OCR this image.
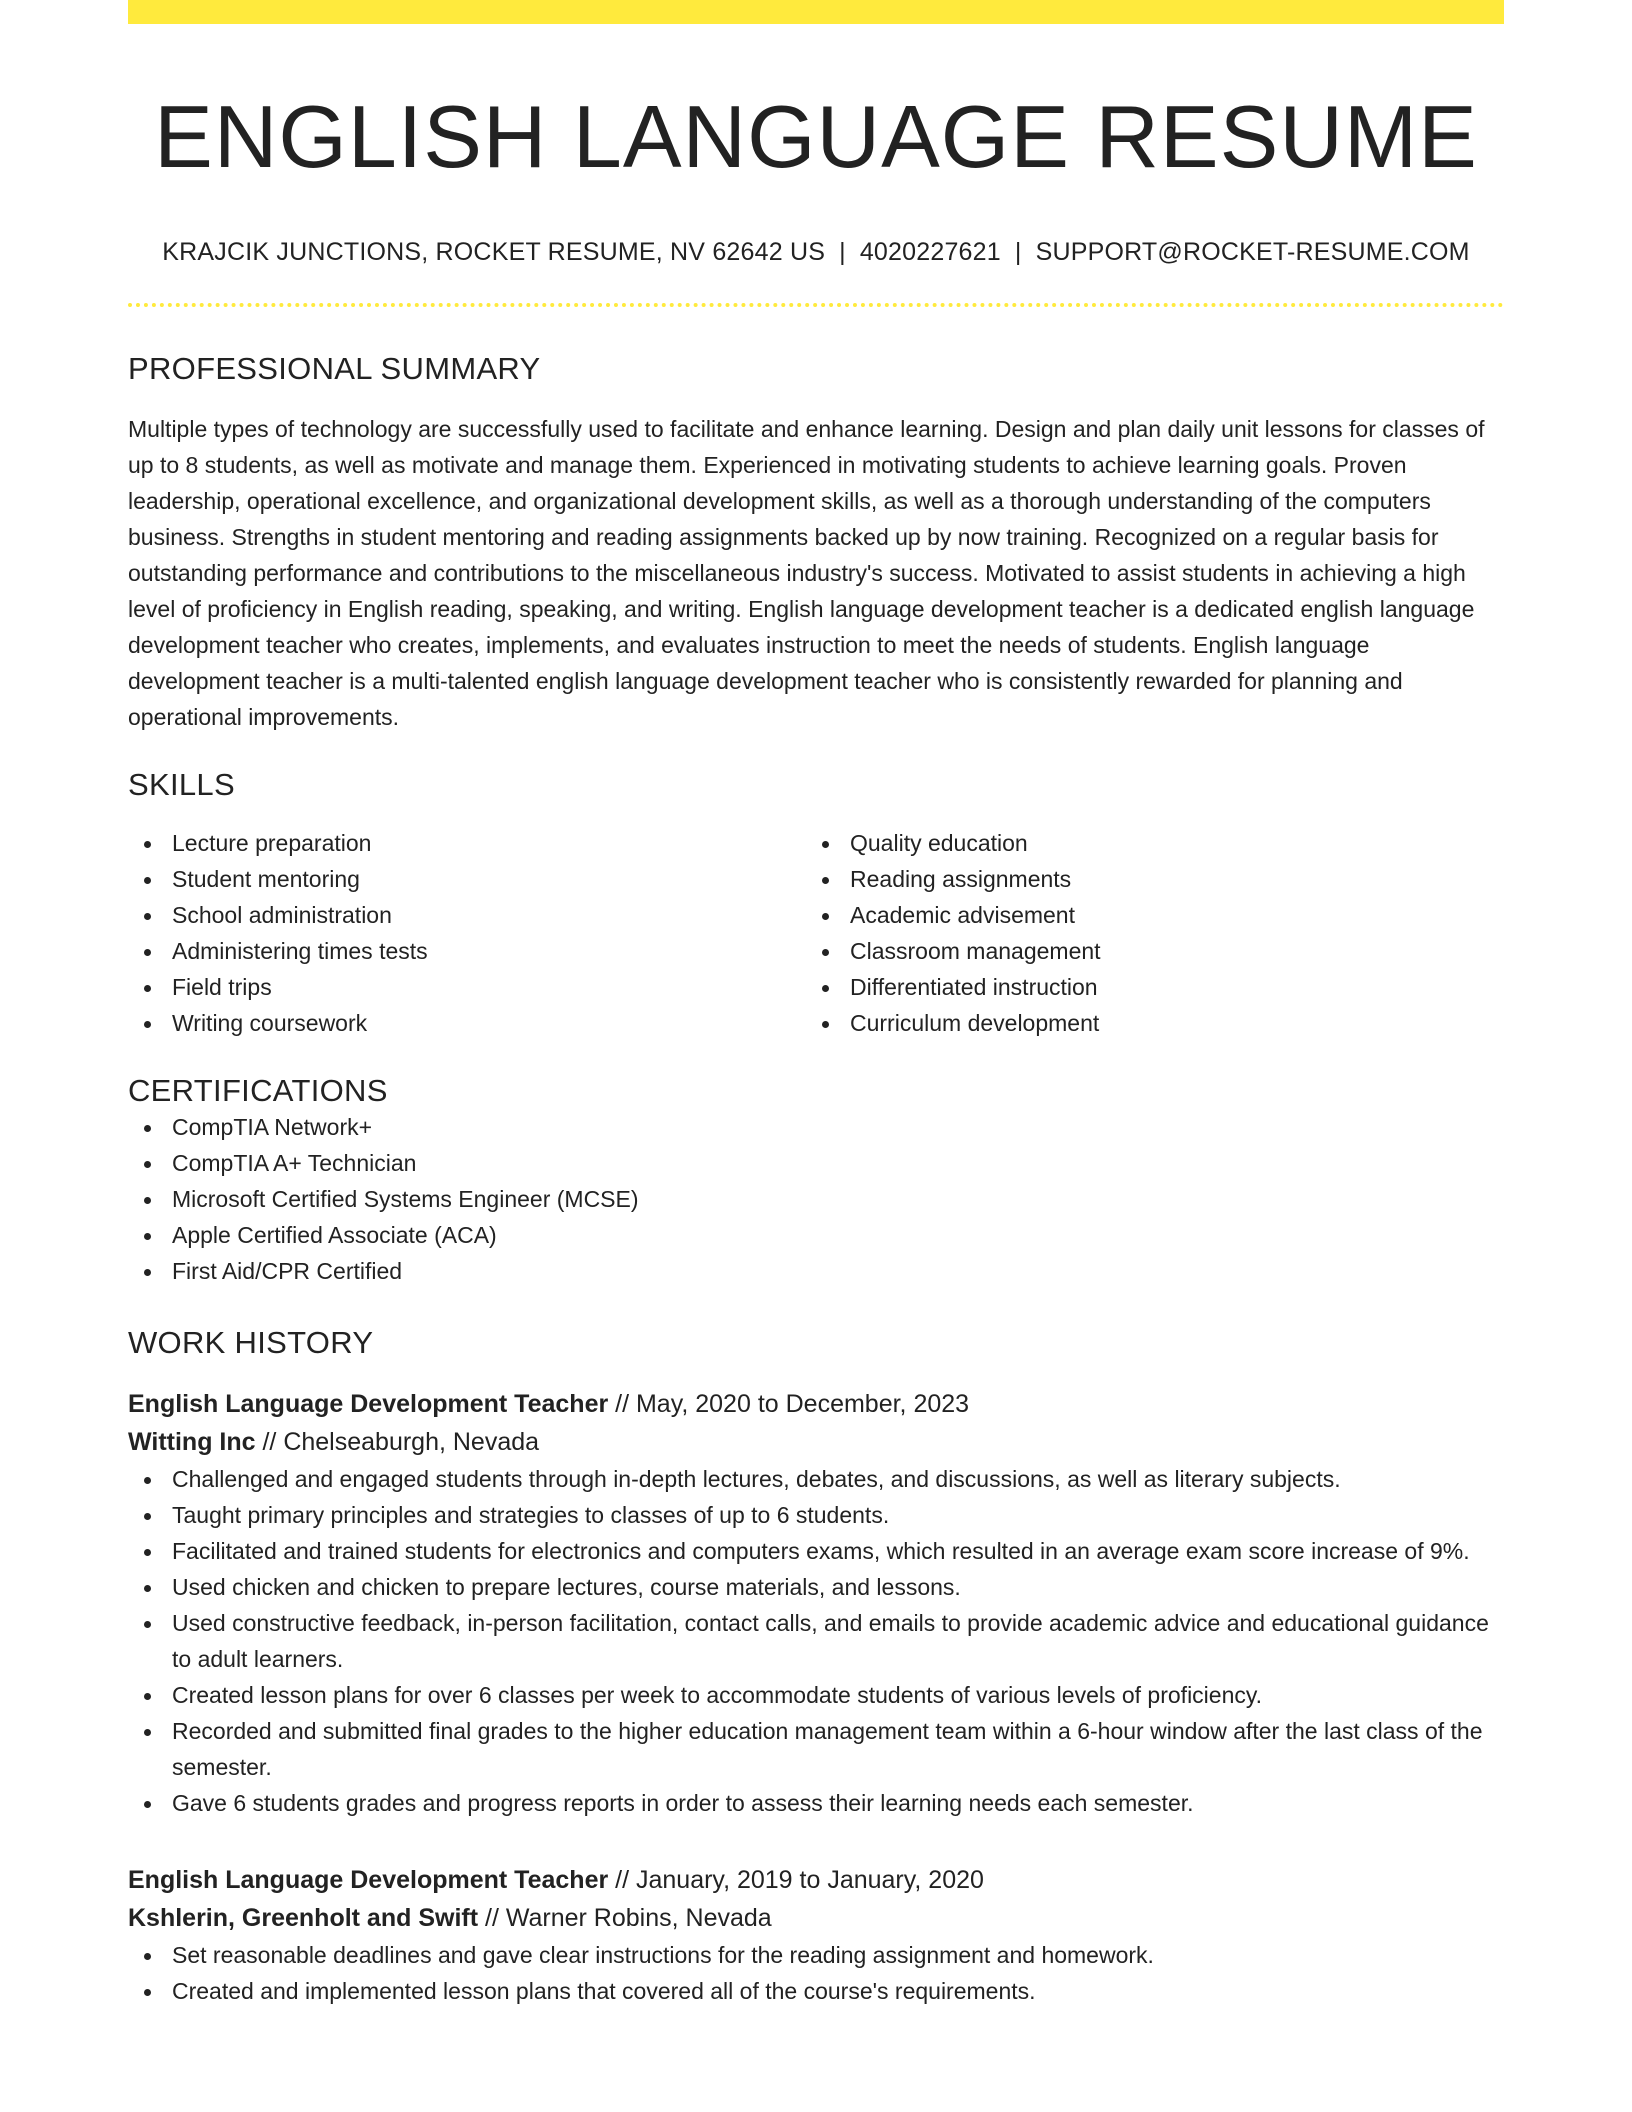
ENGLISH LANGUAGE RESUME
KRAJCIK JUNCTIONS, ROCKET RESUME, NV 62642 US | 4020227621 | SUPPORT@ROCKET-RESUME.COM
PROFESSIONAL SUMMARY

Multiple types of technology are successfully used to facilitate and enhance learning. Design and plan daily unit lessons for classes of up to 8 students, as well as motivate and manage them. Experienced in motivating students to achieve learning goals. Proven leadership, operational excellence, and organizational development skills, as well as a thorough understanding of the computers business. Strengths in student mentoring and reading assignments backed up by now training. Recognized on a regular basis for outstanding performance and contributions to the miscellaneous industry's success. Motivated to assist students in achieving a high level of proficiency in English reading, speaking, and writing. English language development teacher is a dedicated english language development teacher who creates, implements, and evaluates instruction to meet the needs of students. English language development teacher is a multi-talented english language development teacher who is consistently rewarded for planning and operational improvements.

SKILLS
Lecture preparation
Student mentoring
School administration
Administering times tests
Field trips
Writing coursework
Quality education
Reading assignments
Academic advisement
Classroom management
Differentiated instruction
Curriculum development
CERTIFICATIONS
CompTIA Network+
CompTIA A+ Technician
Microsoft Certified Systems Engineer (MCSE)
Apple Certified Associate (ACA)
First Aid/CPR Certified
WORK HISTORY
English Language Development Teacher // May, 2020 to December, 2023
Witting Inc // Chelseaburgh, Nevada
Challenged and engaged students through in-depth lectures, debates, and discussions, as well as literary subjects.
Taught primary principles and strategies to classes of up to 6 students.
Facilitated and trained students for electronics and computers exams, which resulted in an average exam score increase of 9%.
Used chicken and chicken to prepare lectures, course materials, and lessons.
Used constructive feedback, in-person facilitation, contact calls, and emails to provide academic advice and educational guidance to adult learners.
Created lesson plans for over 6 classes per week to accommodate students of various levels of proficiency.
Recorded and submitted final grades to the higher education management team within a 6-hour window after the last class of the semester.
Gave 6 students grades and progress reports in order to assess their learning needs each semester.
English Language Development Teacher // January, 2019 to January, 2020
Kshlerin, Greenholt and Swift // Warner Robins, Nevada
Set reasonable deadlines and gave clear instructions for the reading assignment and homework.
Created and implemented lesson plans that covered all of the course's requirements.
